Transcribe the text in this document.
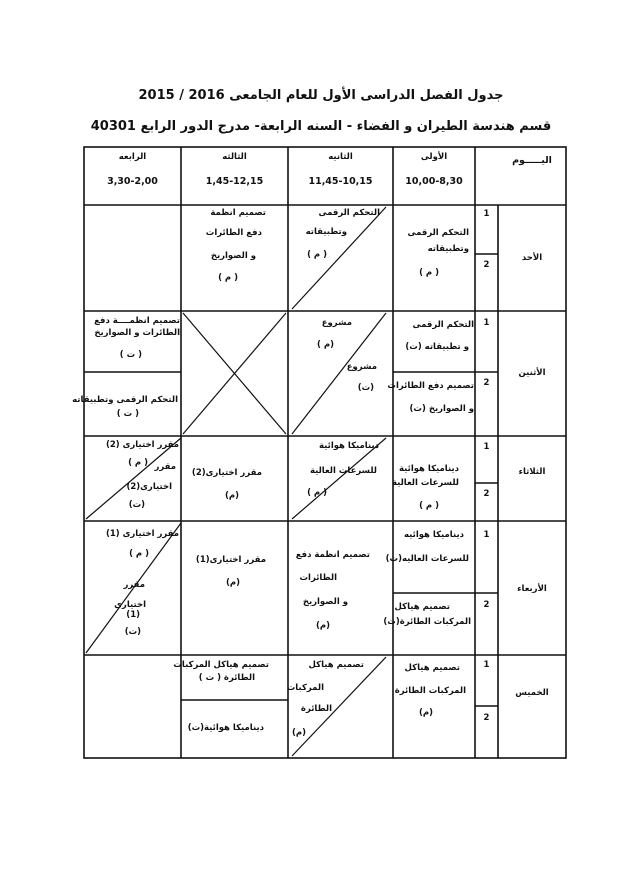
جدول الفصل الدراسى الأول للعام الجامعى 2016 / 2015
قسم هندسة الطيران و الفضاء - السنه الرابعة- مدرج الدور الرابع 40301
اليـــــوم
الأولى
10,00-8,30
الثانيه
11,45-10,15
الثالثه
1,45-12,15
الرابعه
3,30-2,00
الأحد
الأثنين
الثلاثاء
الأربعاء
الخميس
1
2
1
2
1
2
1
2
1
2
التحكم الرقمى
وتطبيقاته
( م )
التحكم الرقمى
وتطبيقاته
( م )
تصميم انظمة
دفع الطائرات
و الصواريخ
( م )
التحكم الرقمى
و تطبيقاته (ت)
تصميم دفع الطائرات
و الصواريخ (ت)
مشروع
(م )
مشروع
(ت)
تصميم انظمــــة دفع
الطائرات و الصواريخ
( ت )
التحكم الرقمى وتطبيقاته
( ت )
ديناميكا هوائية
للسرعات العالية
( م )
ديناميكا هوائية
للسرعات العالية
( م )
مقرر اختيارى(2)
(م)
مقرر اختيارى (2)
( م ) مقرر
اختيارى(2)
(ت)
ديناميكا هوائيه
للسرعات العاليه(ت)
تصميم هياكل
المركبات الطائرة(ت)
تصميم انظمة دفع
الطائرات
و الصواريخ
(م)
مقرر اختيارى(1)
(م)
مقرر اختيارى (1)
( م )
مقرر
اختيارى
(1)
(ت)
تصميم هياكل
المركبات الطائرة
(م)
تصميم هياكل
المركبات
الطائرة
(م)
تصميم هياكل المركبات
الطائرة ( ت )
ديناميكا هوائية(ت)
